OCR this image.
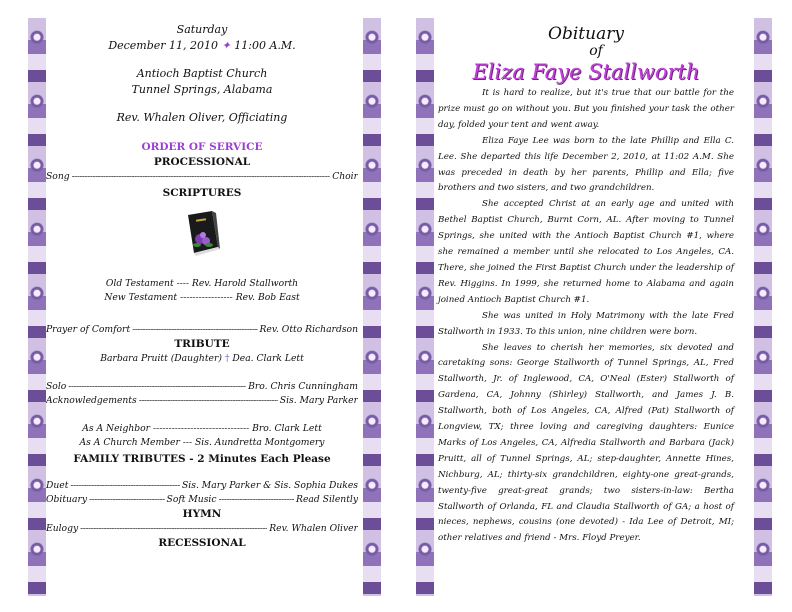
Saturday
December 11, 2010 ✦ 11:00 A.M.
Antioch Baptist Church
Tunnel Springs, Alabama
Rev. Whalen Oliver, Officiating
ORDER OF SERVICE
PROCESSIONAL
Song -----	Choir
SCRIPTURES
Old Testament ---- Rev. Harold Stallworth
New Testament ----------------- Rev. Bob East
Prayer of Comfort -----	Rev. Otto Richardson
TRIBUTE
Barbara Pruitt (Daughter) † Dea. Clark Lett
Solo -----	Bro. Chris Cunningham
Acknowledgements -----	Sis. Mary Parker
As A Neighbor ------------------------------- Bro. Clark Lett
As A Church Member --- Sis. Aundretta Montgomery
FAMILY TRIBUTES - 2 Minutes Each Please
Duet -----	Sis. Mary Parker & Sis. Sophia Dukes
Obituary -----	Soft Music -----	Read Silently
HYMN
Eulogy -----	Rev. Whalen Oliver
RECESSIONAL
Obituary
of
Eliza Faye Stallworth

It is hard to realize, but it's true that our battle for the prize must go on without you. But you finished your task the other day, folded your tent and went away.

Eliza Faye Lee was born to the late Phillip and Ella C. Lee. She departed this life December 2, 2010, at 11:02 A.M. She was preceded in death by her parents, Phillip and Ella; five brothers and two sisters, and two grandchildren.

She accepted Christ at an early age and united with Bethel Baptist Church, Burnt Corn, AL. After moving to Tunnel Springs, she united with the Antioch Baptist Church #1, where she remained a member until she relocated to Los Angeles, CA. There, she joined the First Baptist Church under the leadership of Rev. Higgins. In 1999, she returned home to Alabama and again joined Antioch Baptist Church #1.

She was united in Holy Matrimony with the late Fred Stallworth in 1933. To this union, nine children were born.

She leaves to cherish her memories, six devoted and caretaking sons: George Stallworth of Tunnel Springs, AL, Fred Stallworth, Jr. of Inglewood, CA, O'Neal (Ester) Stallworth of Gardena, CA, Johnny (Shirley) Stallworth, and James J. B. Stallworth, both of Los Angeles, CA, Alfred (Pat) Stallworth of Longview, TX; three loving and caregiving daughters: Eunice Marks of Los Angeles, CA, Alfredia Stallworth and Barbara (Jack) Pruitt, all of Tunnel Springs, AL; step-daughter, Annette Hines, Nichburg, AL; thirty-six grandchildren, eighty-one great-grands, twenty-five great-great grands; two sisters-in-law: Bertha Stallworth of Orlanda, FL and Claudia Stallworth of GA; a host of nieces, nephews, cousins (one devoted) - Ida Lee of Detroit, MI; other relatives and friend - Mrs. Floyd Preyer.
